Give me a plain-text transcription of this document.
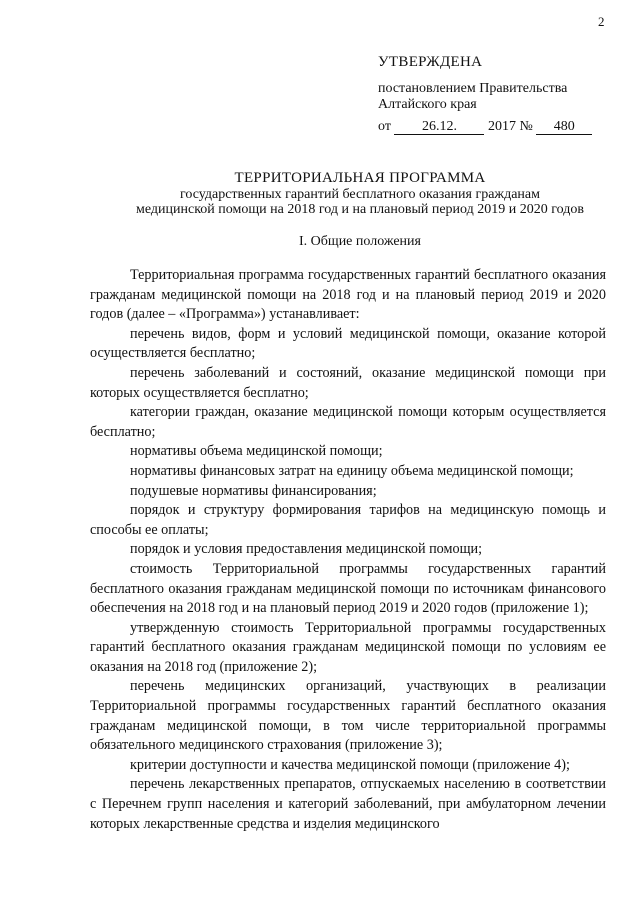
2
УТВЕРЖДЕНА
постановлением Правительства
Алтайского края
от 26.12. 2017 № 480
ТЕРРИТОРИАЛЬНАЯ ПРОГРАММА
государственных гарантий бесплатного оказания гражданам
медицинской помощи на 2018 год и на плановый период 2019 и 2020 годов
I. Общие положения

Территориальная программа государственных гарантий бесплатного оказания гражданам медицинской помощи на 2018 год и на плановый период 2019 и 2020 годов (далее – «Программа») устанавливает:

перечень видов, форм и условий медицинской помощи, оказание которой осуществляется бесплатно;

перечень заболеваний и состояний, оказание медицинской помощи при которых осуществляется бесплатно;

категории граждан, оказание медицинской помощи которым осуществляется бесплатно;

нормативы объема медицинской помощи;

нормативы финансовых затрат на единицу объема медицинской помощи;

подушевые нормативы финансирования;

порядок и структуру формирования тарифов на медицинскую помощь и способы ее оплаты;

порядок и условия предоставления медицинской помощи;

стоимость Территориальной программы государственных гарантий бесплатного оказания гражданам медицинской помощи по источникам финансового обеспечения на 2018 год и на плановый период 2019 и 2020 годов (приложение 1);

утвержденную стоимость Территориальной программы государственных гарантий бесплатного оказания гражданам медицинской помощи по условиям ее оказания на 2018 год (приложение 2);

перечень медицинских организаций, участвующих в реализации Территориальной программы государственных гарантий бесплатного оказания гражданам медицинской помощи, в том числе территориальной программы обязательного медицинского страхования (приложение 3);

критерии доступности и качества медицинской помощи (приложение 4);

перечень лекарственных препаратов, отпускаемых населению в соответствии с Перечнем групп населения и категорий заболеваний, при амбулаторном лечении которых лекарственные средства и изделия медицинского
